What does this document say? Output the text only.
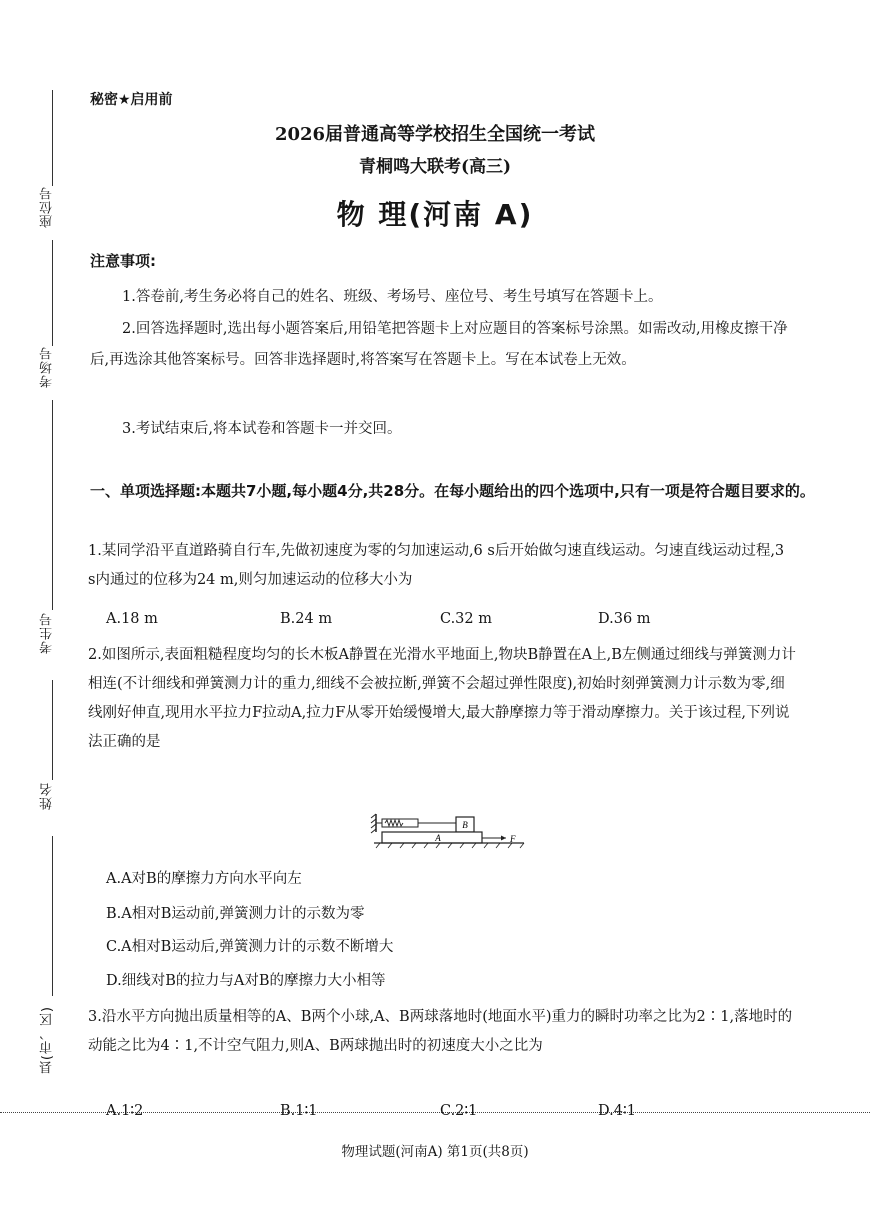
座位号
考场号
考生号
姓名
县(市、区)
秘密★启用前
2026届普通高等学校招生全国统一考试
青桐鸣大联考(高三)
物 理(河南 A)
注意事项:
1.答卷前,考生务必将自己的姓名、班级、考场号、座位号、考生号填写在答题卡上。
2.回答选择题时,选出每小题答案后,用铅笔把答题卡上对应题目的答案标号涂黑。如需改动,用橡皮擦干净后,再选涂其他答案标号。回答非选择题时,将答案写在答题卡上。写在本试卷上无效。
3.考试结束后,将本试卷和答题卡一并交回。
一、单项选择题:本题共7小题,每小题4分,共28分。在每小题给出的四个选项中,只有一项是符合题目要求的。
1.某同学沿平直道路骑自行车,先做初速度为零的匀加速运动,6 s后开始做匀速直线运动。匀速直线运动过程,3 s内通过的位移为24 m,则匀加速运动的位移大小为
A.18 m	B.24 m	C.32 m	D.36 m
2.如图所示,表面粗糙程度均匀的长木板A静置在光滑水平地面上,物块B静置在A上,B左侧通过细线与弹簧测力计相连(不计细线和弹簧测力计的重力,细线不会被拉断,弹簧不会超过弹性限度),初始时刻弹簧测力计示数为零,细线刚好伸直,现用水平拉力F拉动A,拉力F从零开始缓慢增大,最大静摩擦力等于滑动摩擦力。关于该过程,下列说法正确的是
B
A	F
A.A对B的摩擦力方向水平向左
B.A相对B运动前,弹簧测力计的示数为零
C.A相对B运动后,弹簧测力计的示数不断增大
D.细线对B的拉力与A对B的摩擦力大小相等
3.沿水平方向抛出质量相等的A、B两个小球,A、B两球落地时(地面水平)重力的瞬时功率之比为2∶1,落地时的动能之比为4∶1,不计空气阻力,则A、B两球抛出时的初速度大小之比为
A.1∶2	B.1∶1	C.2∶1	D.4∶1
物理试题(河南A) 第1页(共8页)
